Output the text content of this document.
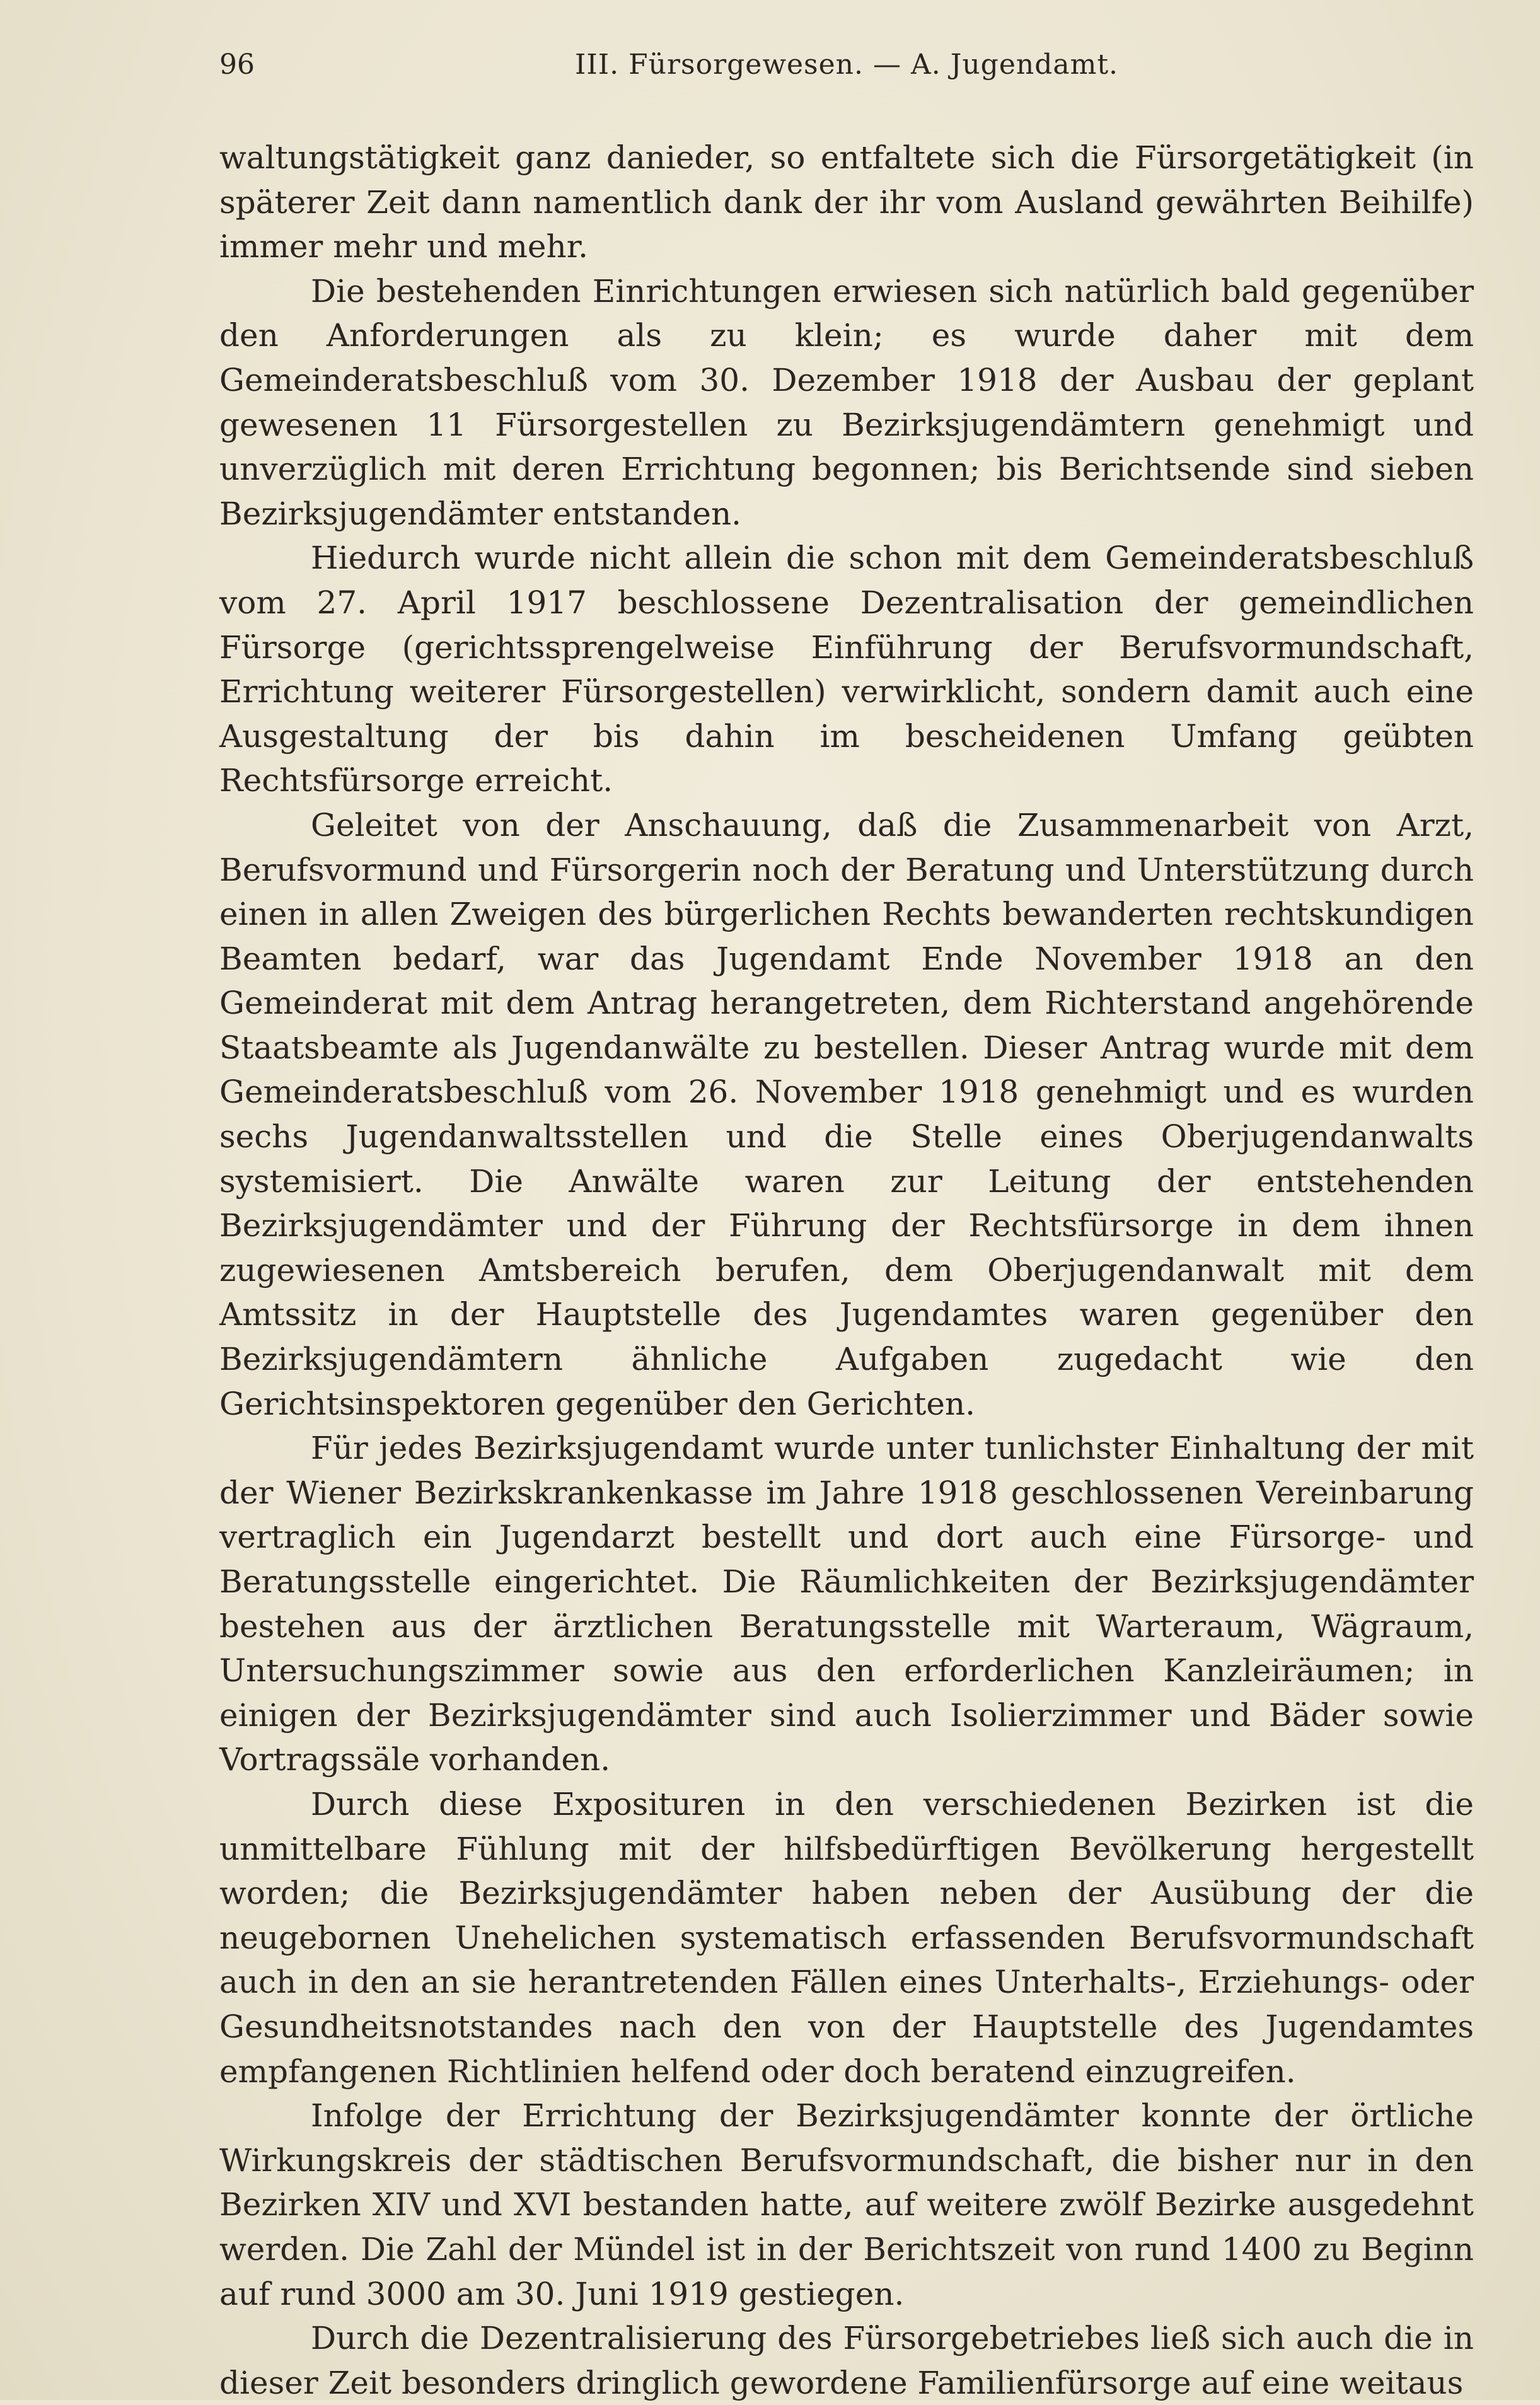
96	III. Fürsorgewesen. — A. Jugendamt.

waltungstätigkeit ganz danieder, so entfaltete sich die Fürsorgetätigkeit (in späterer Zeit dann namentlich dank der ihr vom Ausland gewährten Beihilfe) immer mehr und mehr.

Die bestehenden Einrichtungen erwiesen sich natürlich bald gegenüber den Anforderungen als zu klein; es wurde daher mit dem Gemeinderatsbeschluß vom 30. Dezember 1918 der Ausbau der geplant gewesenen 11 Fürsorgestellen zu Bezirksjugendämtern genehmigt und unverzüglich mit deren Errichtung begonnen; bis Berichtsende sind sieben Bezirksjugendämter entstanden.

Hiedurch wurde nicht allein die schon mit dem Gemeinderatsbeschluß vom 27. April 1917 beschlossene Dezentralisation der gemeindlichen Fürsorge (gerichtssprengelweise Einführung der Berufsvormundschaft, Errichtung weiterer Fürsorgestellen) verwirklicht, sondern damit auch eine Ausgestaltung der bis dahin im bescheidenen Umfang geübten Rechtsfürsorge erreicht.

Geleitet von der Anschauung, daß die Zusammenarbeit von Arzt, Berufsvormund und Fürsorgerin noch der Beratung und Unterstützung durch einen in allen Zweigen des bürgerlichen Rechts bewanderten rechtskundigen Beamten bedarf, war das Jugendamt Ende November 1918 an den Gemeinderat mit dem Antrag herangetreten, dem Richterstand angehörende Staatsbeamte als Jugendanwälte zu bestellen. Dieser Antrag wurde mit dem Gemeinderatsbeschluß vom 26. November 1918 genehmigt und es wurden sechs Jugendanwaltsstellen und die Stelle eines Oberjugendanwalts systemisiert. Die Anwälte waren zur Leitung der entstehenden Bezirksjugendämter und der Führung der Rechtsfürsorge in dem ihnen zugewiesenen Amtsbereich berufen, dem Oberjugendanwalt mit dem Amtssitz in der Hauptstelle des Jugendamtes waren gegenüber den Bezirksjugendämtern ähnliche Aufgaben zugedacht wie den Gerichtsinspektoren gegenüber den Gerichten.

Für jedes Bezirksjugendamt wurde unter tunlichster Einhaltung der mit der Wiener Bezirkskrankenkasse im Jahre 1918 geschlossenen Vereinbarung vertraglich ein Jugendarzt bestellt und dort auch eine Fürsorge- und Beratungsstelle eingerichtet. Die Räumlichkeiten der Bezirksjugendämter bestehen aus der ärztlichen Beratungsstelle mit Warteraum, Wägraum, Untersuchungszimmer sowie aus den erforderlichen Kanzleiräumen; in einigen der Bezirksjugendämter sind auch Isolierzimmer und Bäder sowie Vortragssäle vorhanden.

Durch diese Exposituren in den verschiedenen Bezirken ist die unmittelbare Fühlung mit der hilfsbedürftigen Bevölkerung hergestellt worden; die Bezirksjugendämter haben neben der Ausübung der die neugebornen Unehelichen systematisch erfassenden Berufsvormundschaft auch in den an sie herantretenden Fällen eines Unterhalts-, Erziehungs- oder Gesundheitsnotstandes nach den von der Hauptstelle des Jugendamtes empfangenen Richtlinien helfend oder doch beratend einzugreifen.

Infolge der Errichtung der Bezirksjugendämter konnte der örtliche Wirkungskreis der städtischen Berufsvormundschaft, die bisher nur in den Bezirken XIV und XVI bestanden hatte, auf weitere zwölf Bezirke ausgedehnt werden. Die Zahl der Mündel ist in der Berichtszeit von rund 1400 zu Beginn auf rund 3000 am 30. Juni 1919 gestiegen.

Durch die Dezentralisierung des Fürsorgebetriebes ließ sich auch die in dieser Zeit besonders dringlich gewordene Familienfürsorge auf eine weitaus
